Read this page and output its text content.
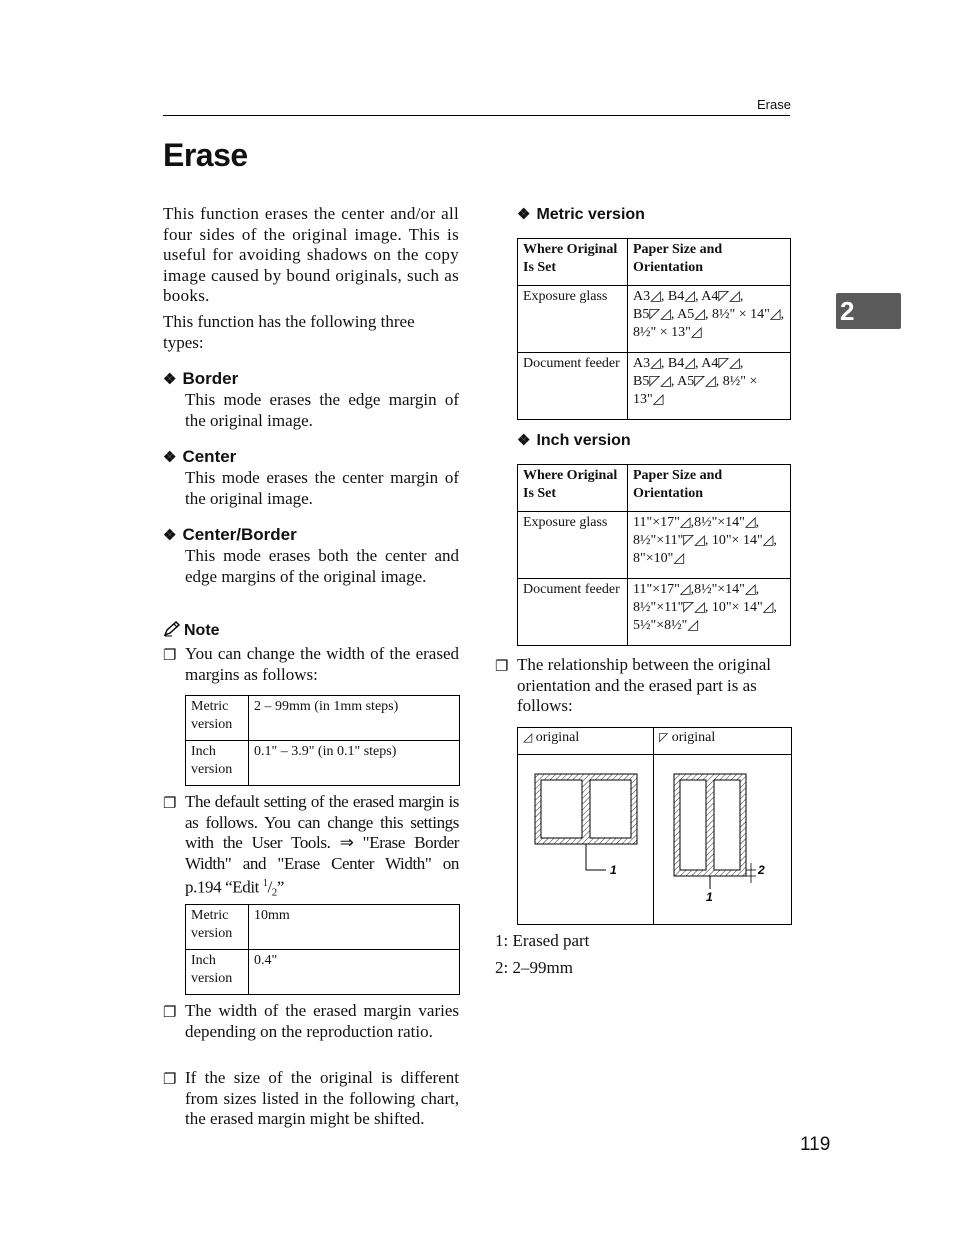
Erase
Erase
2
This function erases the center and/or all four sides of the original image. This is useful for avoiding shadows on the copy image caused by bound originals, such as books.
This function has the following three types:
❖ Border
This mode erases the edge margin of the original image.
❖ Center
This mode erases the center margin of the original image.
❖ Center/Border
This mode erases both the center and edge margins of the original image.
Note
❐ You can change the width of the erased margins as follows:
Metric version	2 – 99mm (in 1mm steps)
Inch version	0.1" – 3.9" (in 0.1" steps)
❐ The default setting of the erased margin is as follows. You can change this settings with the User Tools. ⇒ "Erase Border Width" and "Erase Center Width" on p.194 “Edit $^1$/2”
Metric version	10mm
Inch version	0.4"
❐ The width of the erased margin varies depending on the reproduction ratio.
❐ If the size of the original is different from sizes listed in the following chart, the erased margin might be shifted.
❖ Metric version
Where Original Is Set	Paper Size and Orientation
Exposure glass	A3◿, B4◿, A4◸◿, B5◸◿, A5◿, 8½" × 14"◿, 8½" × 13"◿
Document feeder	A3◿, B4◿, A4◸◿, B5◸◿, A5◸◿, 8½" × 13"◿
❖ Inch version
Where Original Is Set	Paper Size and Orientation
Exposure glass	11"×17"◿,8½"×14"◿, 8½"×11"◸◿, 10"× 14"◿, 8"×10"◿
Document feeder	11"×17"◿,8½"×14"◿, 8½"×11"◸◿, 10"× 14"◿, 5½"×8½"◿
❐ The relationship between the original orientation and the erased part is as follows:
◿ original	◸ original
1
1
2
1: Erased part
2: 2–99mm
119
